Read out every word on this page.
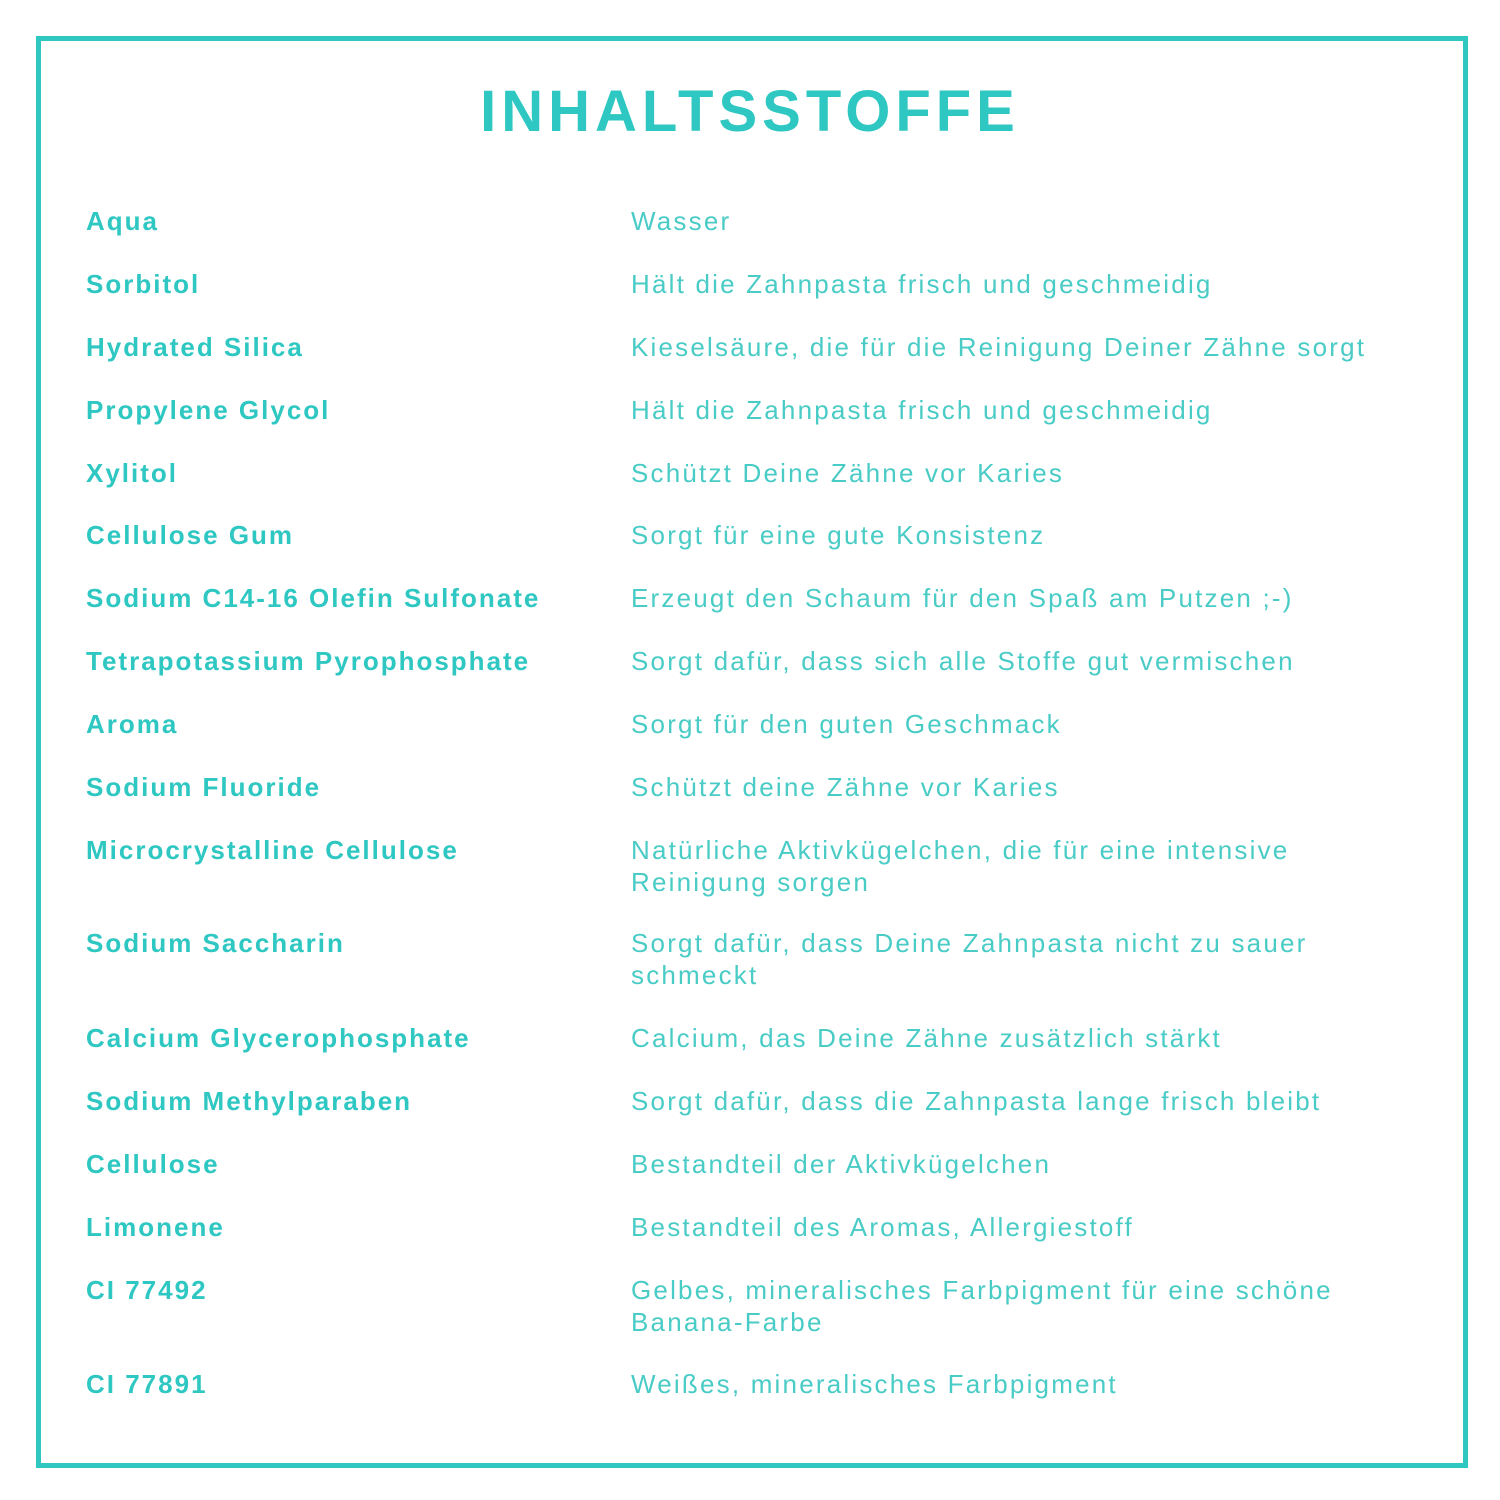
INHALTSSTOFFE
Aqua	Wasser
Sorbitol	Hält die Zahnpasta frisch und geschmeidig
Hydrated Silica	Kieselsäure, die für die Reinigung Deiner Zähne sorgt
Propylene Glycol	Hält die Zahnpasta frisch und geschmeidig
Xylitol	Schützt Deine Zähne vor Karies
Cellulose Gum	Sorgt für eine gute Konsistenz
Sodium C14-16 Olefin Sulfonate	Erzeugt den Schaum für den Spaß am Putzen ;-)
Tetrapotassium Pyrophosphate	Sorgt dafür, dass sich alle Stoffe gut vermischen
Aroma	Sorgt für den guten Geschmack
Sodium Fluoride	Schützt deine Zähne vor Karies
Microcrystalline Cellulose	Natürliche Aktivkügelchen, die für eine intensive Reinigung sorgen
Sodium Saccharin	Sorgt dafür, dass Deine Zahnpasta nicht zu sauer schmeckt
Calcium Glycerophosphate	Calcium, das Deine Zähne zusätzlich stärkt
Sodium Methylparaben	Sorgt dafür, dass die Zahnpasta lange frisch bleibt
Cellulose	Bestandteil der Aktivkügelchen
Limonene	Bestandteil des Aromas, Allergiestoff
CI 77492	Gelbes, mineralisches Farbpigment für eine schöne Banana-Farbe
CI 77891	Weißes, mineralisches Farbpigment
